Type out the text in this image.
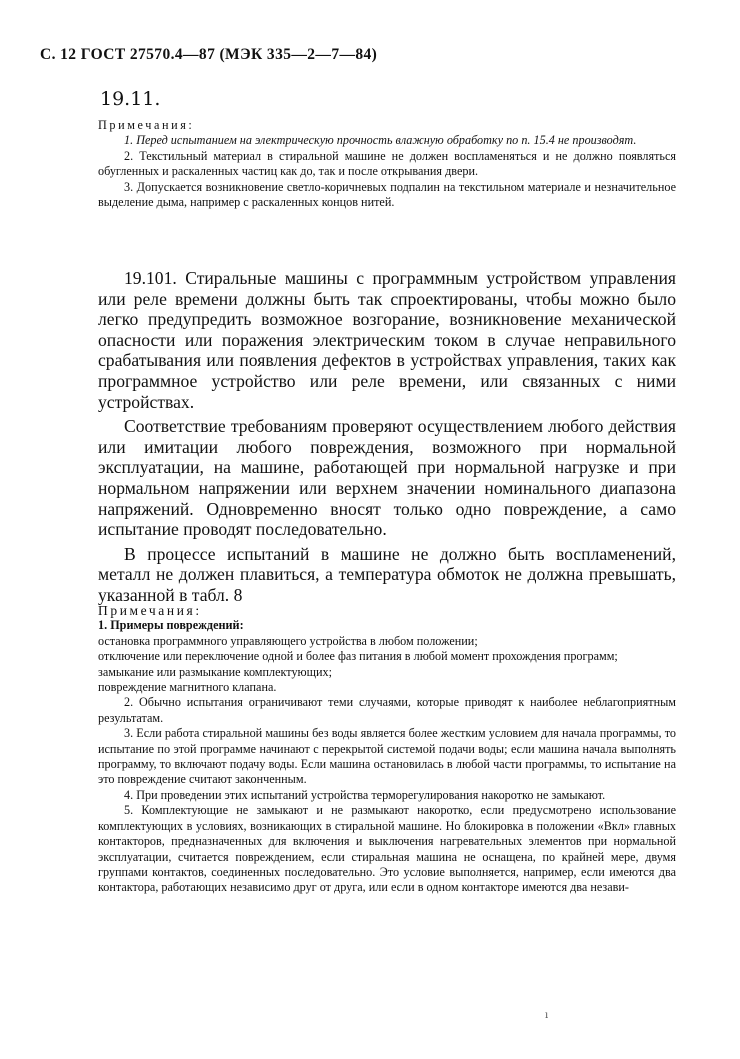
С. 12 ГОСТ 27570.4—87 (МЭК 335—2—7—84)
19.11.

Примечания:

1. Перед испытанием на электрическую прочность влажную обработку по п. 15.4 не производят.

2. Текстильный материал в стиральной машине не должен воспламеняться и не должно появляться обугленных и раскаленных частиц как до, так и после открывания двери.

3. Допускается возникновение светло-коричневых подпалин на текстильном материале и незначительное выделение дыма, например с раскаленных концов нитей.

19.101. Стиральные машины с программным устройством управления или реле времени должны быть так спроектированы, чтобы можно было легко предупредить возможное возгорание, возникновение механической опасности или поражения электрическим током в случае неправильного срабатывания или появления дефектов в устройствах управления, таких как программное устройство или реле времени, или связанных с ними устройствах.

Соответствие требованиям проверяют осуществлением любого действия или имитации любого повреждения, возможного при нормальной эксплуатации, на машине, работающей при нормальной нагрузке и при нормальном напряжении или верхнем значении номинального диапазона напряжений. Одновременно вносят только одно повреждение, а само испытание проводят последовательно.

В процессе испытаний в машине не должно быть воспламенений, металл не должен плавиться, а температура обмоток не должна превышать, указанной в табл. 8

Примечания:

1. Примеры повреждений:

остановка программного управляющего устройства в любом положении;

отключение или переключение одной и более фаз питания в любой момент прохождения программ;

замыкание или размыкание комплектующих;

повреждение магнитного клапана.

2. Обычно испытания ограничивают теми случаями, которые приводят к наиболее неблагоприятным результатам.

3. Если работа стиральной машины без воды является более жестким условием для начала программы, то испытание по этой программе начинают с перекрытой системой подачи воды; если машина начала выполнять программу, то включают подачу воды. Если машина остановилась в любой части программы, то испытание на это повреждение считают законченным.

4. При проведении этих испытаний устройства терморегулирования накоротко не замыкают.

5. Комплектующие не замыкают и не размыкают накоротко, если предусмотрено использование комплектующих в условиях, возникающих в стиральной машине. Но блокировка в положении «Вкл» главных контакторов, предназначенных для включения и выключения нагревательных элементов при нормальной эксплуатации, считается повреждением, если стиральная машина не оснащена, по крайней мере, двумя группами контактов, соединенных последовательно. Это условие выполняется, например, если имеются два контактора, работающих независимо друг от друга, или если в одном контакторе имеются два незави-

ı
